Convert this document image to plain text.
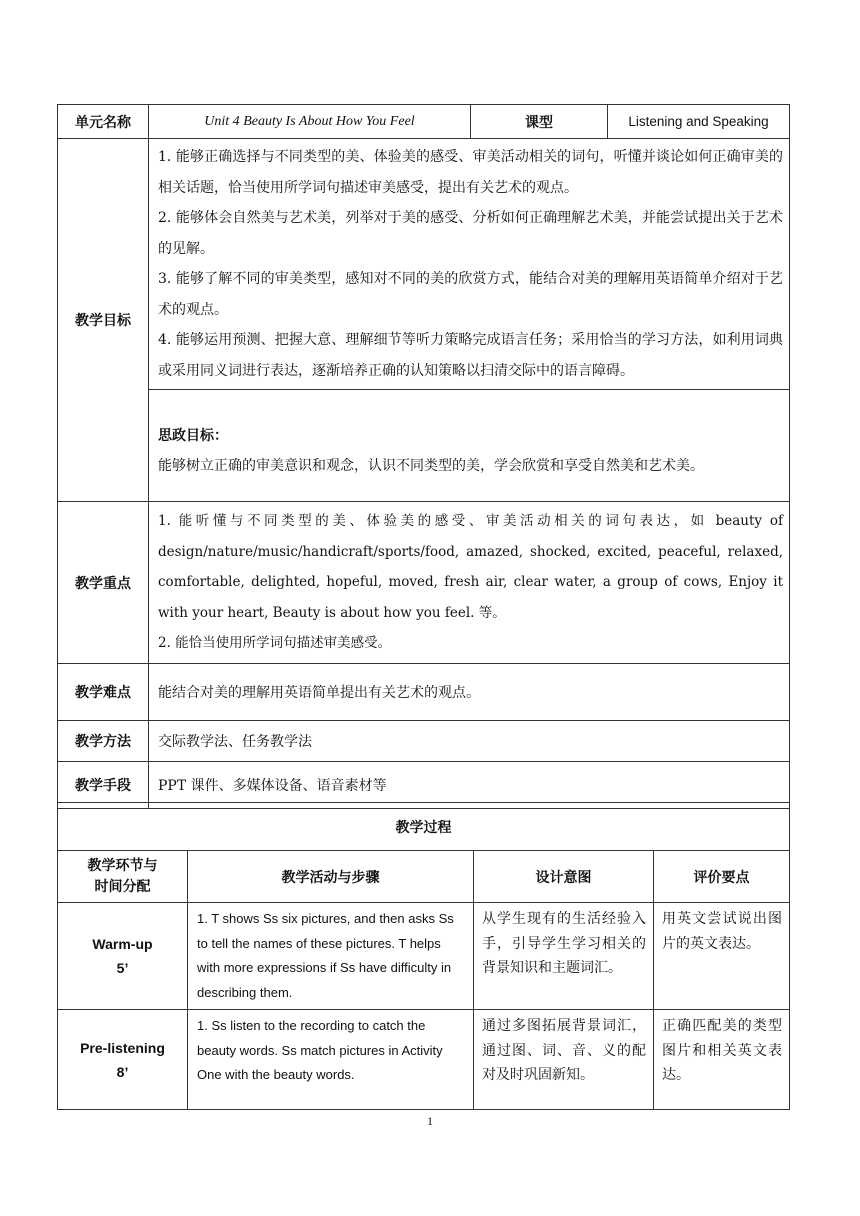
单元名称	Unit 4 Beauty Is About How You Feel	课型	Listening and Speaking
教学目标	1. 能够正确选择与不同类型的美、体验美的感受、审美活动相关的词句，听懂并谈论如何正确审美的相关话题，恰当使用所学词句描述审美感受，提出有关艺术的观点。

2. 能够体会自然美与艺术美，列举对于美的感受、分析如何正确理解艺术美，并能尝试提出关于艺术的见解。

3. 能够了解不同的审美类型，感知对不同的美的欣赏方式，能结合对美的理解用英语简单介绍对于艺术的观点。

4. 能够运用预测、把握大意、理解细节等听力策略完成语言任务；采用恰当的学习方法，如利用词典或采用同义词进行表达，逐渐培养正确的认知策略以扫清交际中的语言障碍。		

	思政目标：

能够树立正确的审美意识和观念，认识不同类型的美，学会欣赏和享受自然美和艺术美。		

教学重点	1. 能听懂与不同类型的美、体验美的感受、审美活动相关的词句表达，如 beauty of design/nature/music/handicraft/sports/food, amazed, shocked, excited, peaceful, relaxed, comfortable, delighted, hopeful, moved, fresh air, clear water, a group of cows, Enjoy it with your heart, Beauty is about how you feel. 等。

2. 能恰当使用所学词句描述审美感受。		

教学难点	能结合对美的理解用英语简单提出有关艺术的观点。		
教学方法	交际教学法、任务教学法		
教学手段	PPT 课件、多媒体设备、语音素材等		
教学过程			

教学环节与
时间分配	教学活动与步骤	设计意图	评价要点

Warm-up
5’	1. T shows Ss six pictures, and then asks Ss to tell the names of these pictures. T helps with more expressions if Ss have difficulty in describing them.	从学生现有的生活经验入手，引导学生学习相关的背景知识和主题词汇。	用英文尝试说出图片的英文表达。

Pre-listening
8’	1. Ss listen to the recording to catch the beauty words. Ss match pictures in Activity One with the beauty words.	通过多图拓展背景词汇，通过图、词、音、义的配对及时巩固新知。	正确匹配美的类型图片和相关英文表达。
1
